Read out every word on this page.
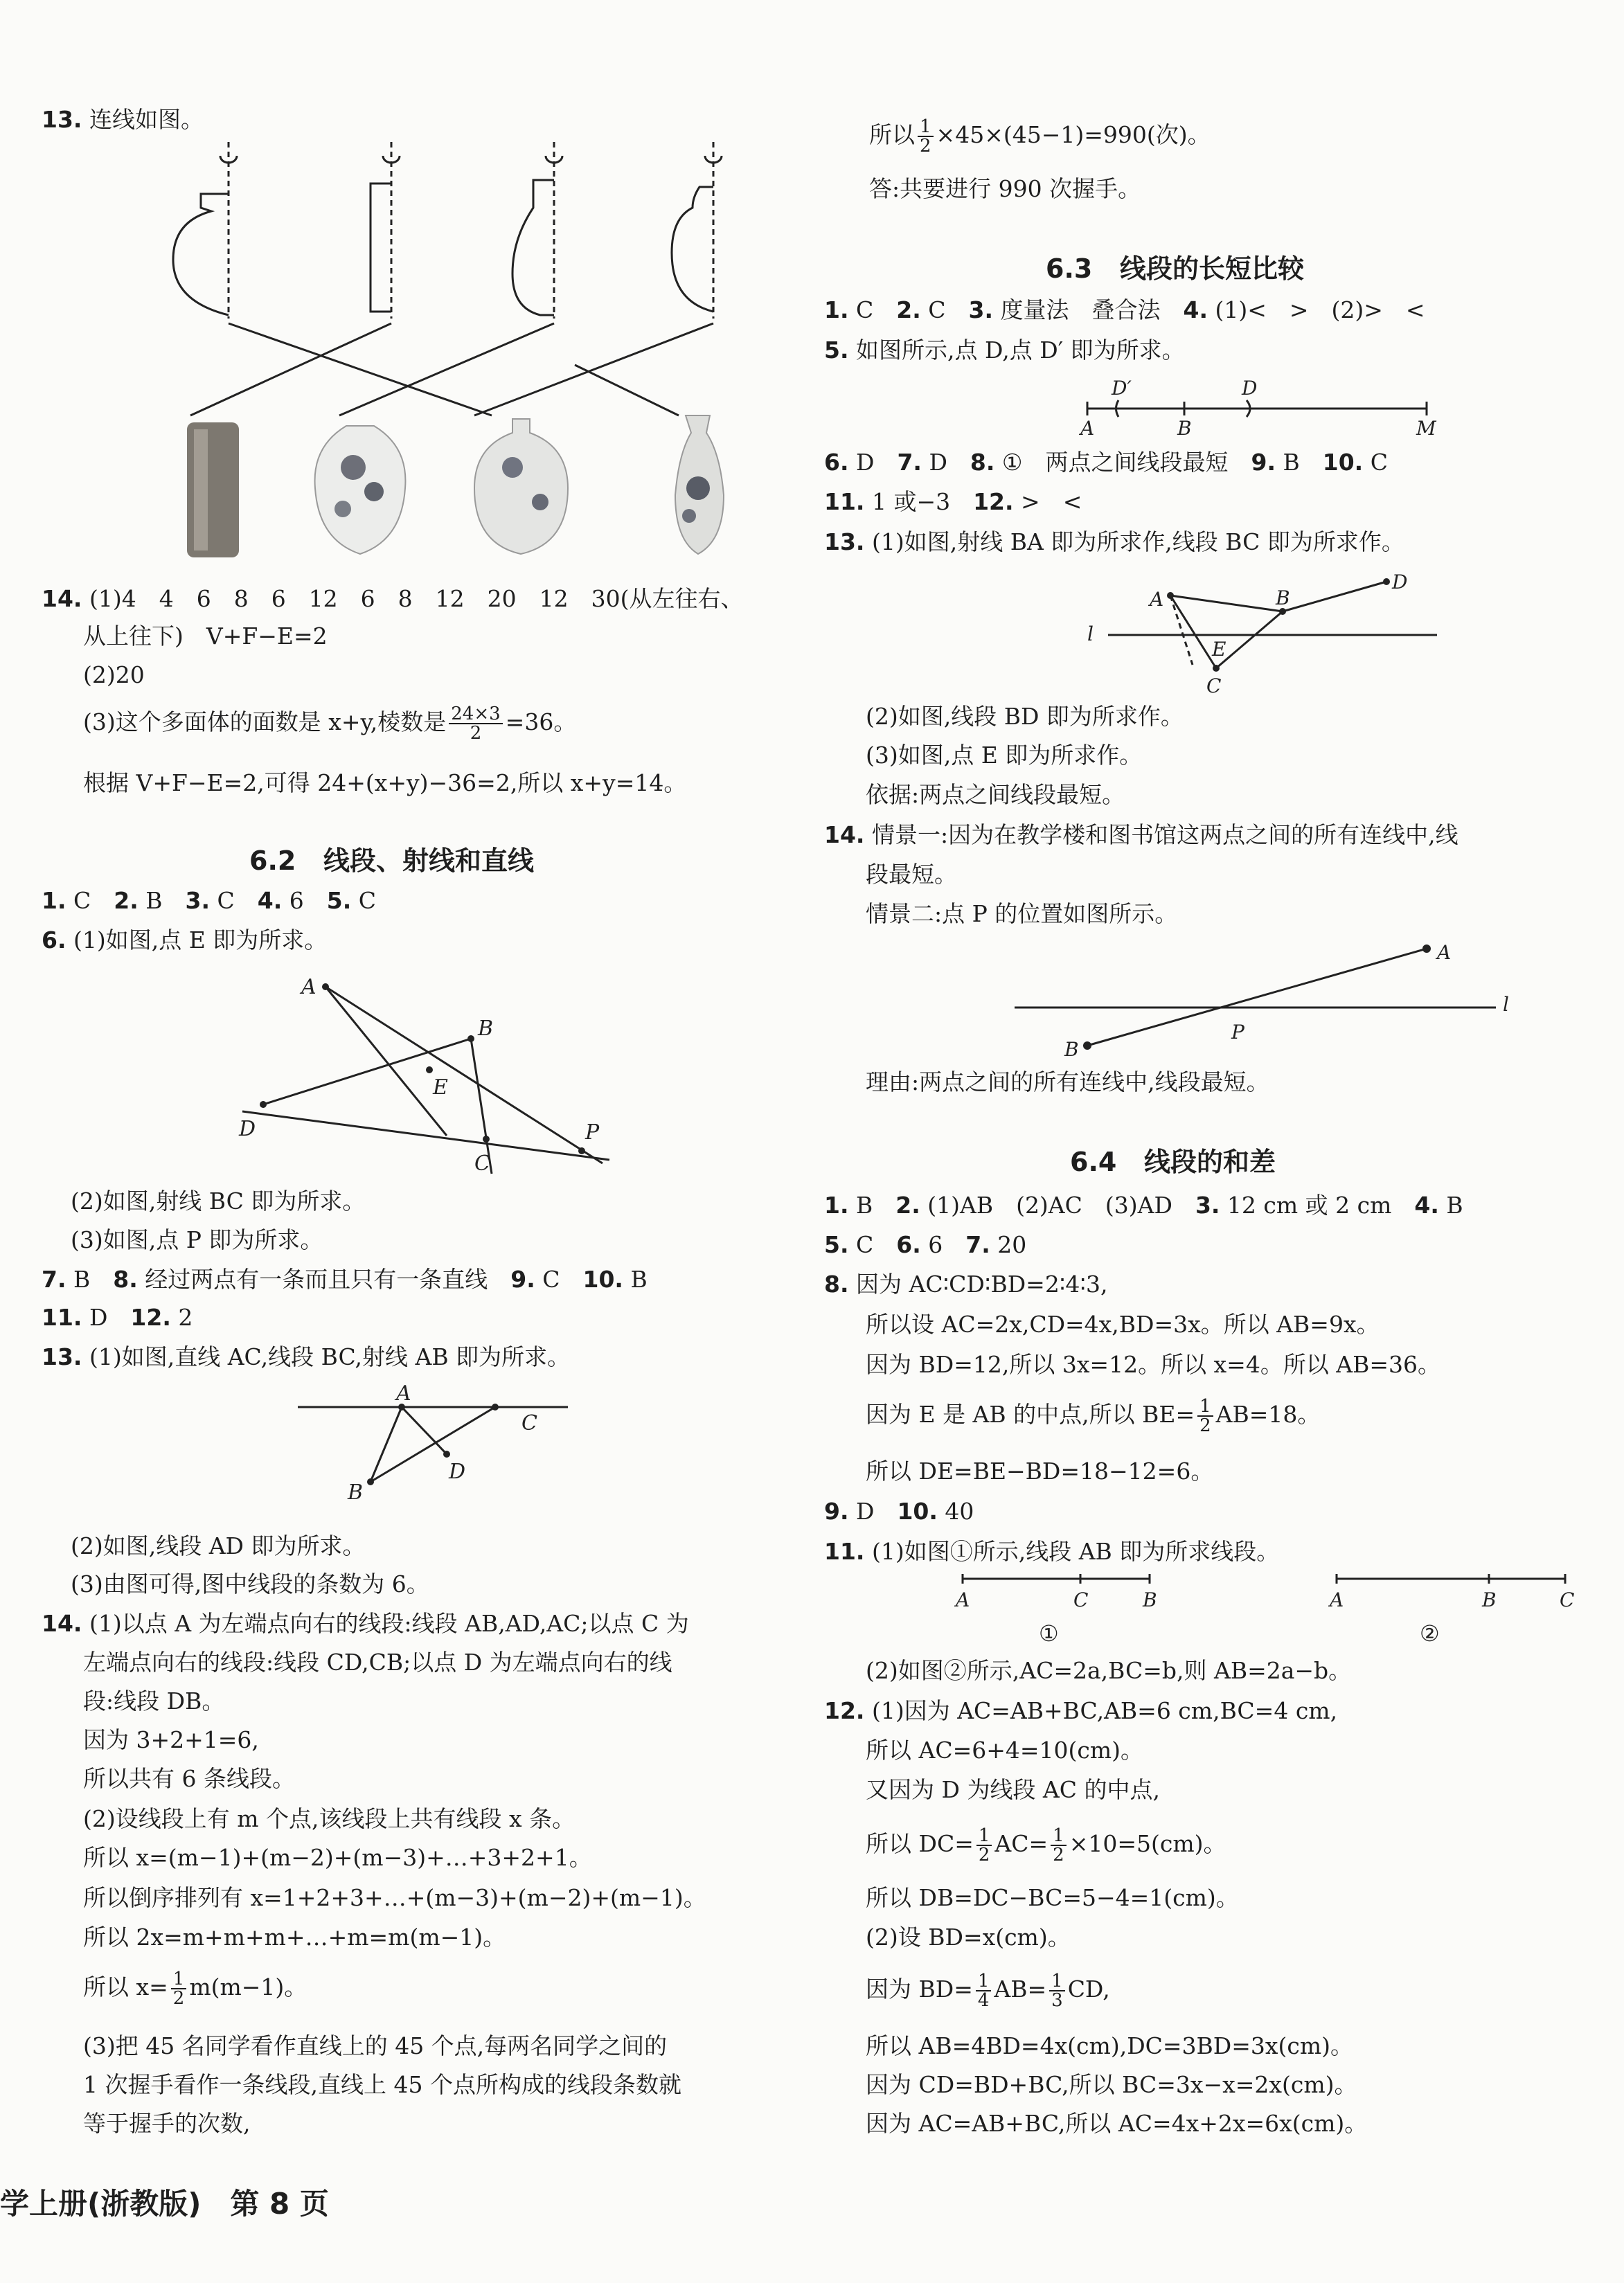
13. 连线如图。
14. (1)4　4　6　8　6　12　6　8　12　20　12　30(从左往右、
从上往下)　V+F−E=2
(2)20
(3)这个多面体的面数是 x+y,棱数是 $\frac{24\times 3}{2} =36$。
根据 V+F−E=2,可得 24+(x+y)−36=2,所以 x+y=14。
6.2 线段、射线和直线
1. C　2. B　3. C　4. 6　5. C
6. (1)如图,点 E 即为所求。
A
B
E
D
C
P
(2)如图,射线 BC 即为所求。
(3)如图,点 P 即为所求。
7. B　8. 经过两点有一条而且只有一条直线　9. C　10. B
11. D　12. 2
13. (1)如图,直线 AC,线段 BC,射线 AB 即为所求。
A
C
D
B
(2)如图,线段 AD 即为所求。
(3)由图可得,图中线段的条数为 6。
14. (1)以点 A 为左端点向右的线段:线段 AB,AD,AC;以点 C 为
左端点向右的线段:线段 CD,CB;以点 D 为左端点向右的线
段:线段 DB。
因为 3+2+1=6,
所以共有 6 条线段。
(2)设线段上有 m 个点,该线段上共有线段 x 条。
所以 x=(m−1)+(m−2)+(m−3)+…+3+2+1。
所以倒序排列有 x=1+2+3+…+(m−3)+(m−2)+(m−1)。
所以 2x=m+m+m+…+m=m(m−1)。
所以 $x= \frac{1}{2} m(m-1)$。
(3)把 45 名同学看作直线上的 45 个点,每两名同学之间的
1 次握手看作一条线段,直线上 45 个点所构成的线段条数就
等于握手的次数,
学上册(浙教版)　第 8 页
所以 $\frac{1}{2} \times 45\times(45-1)=990$(次)。
答:共要进行 990 次握手。
6.3 线段的长短比较
1. C　2. C　3. 度量法　叠合法　4. (1)<　>　(2)>　<
5. 如图所示,点 D,点 D′ 即为所求。
A
D′
B
D
M
6. D　7. D　8. ①　两点之间线段最短　9. B　10. C
11. 1 或−3　12. >　<
13. (1)如图,射线 BA 即为所求作,线段 BC 即为所求作。
A	B
D
E
C
l
(2)如图,线段 BD 即为所求作。
(3)如图,点 E 即为所求作。
依据:两点之间线段最短。
14. 情景一:因为在教学楼和图书馆这两点之间的所有连线中,线
段最短。
情景二:点 P 的位置如图所示。
A
P
B
l
理由:两点之间的所有连线中,线段最短。
6.4 线段的和差
1. B　2. (1)AB　(2)AC　(3)AD　3. 12 cm 或 2 cm　4. B
5. C　6. 6　7. 20
8. 因为 AC∶CD∶BD=2∶4∶3,
所以设 AC=2x,CD=4x,BD=3x。所以 AB=9x。
因为 BD=12,所以 3x=12。所以 x=4。所以 AB=36。
因为 E 是 AB 的中点,所以 $BE= \frac{1}{2} AB=18$。
所以 DE=BE−BD=18−12=6。
9. D　10. 40
11. (1)如图①所示,线段 AB 即为所求线段。
A	C	B	A	B	C
①	②
(2)如图②所示,AC=2a,BC=b,则 AB=2a−b。
12. (1)因为 AC=AB+BC,AB=6 cm,BC=4 cm,
所以 AC=6+4=10(cm)。
又因为 D 为线段 AC 的中点,
所以 $DC= \frac{1}{2} AC= \frac{1}{2} \times 10=5(cm)$。
所以 DB=DC−BC=5−4=1(cm)。
(2)设 BD=x(cm)。
因为 $BD= \frac{1}{4} AB= \frac{1}{3}$ CD,
所以 AB=4BD=4x(cm),DC=3BD=3x(cm)。
因为 CD=BD+BC,所以 BC=3x−x=2x(cm)。
因为 AC=AB+BC,所以 AC=4x+2x=6x(cm)。
